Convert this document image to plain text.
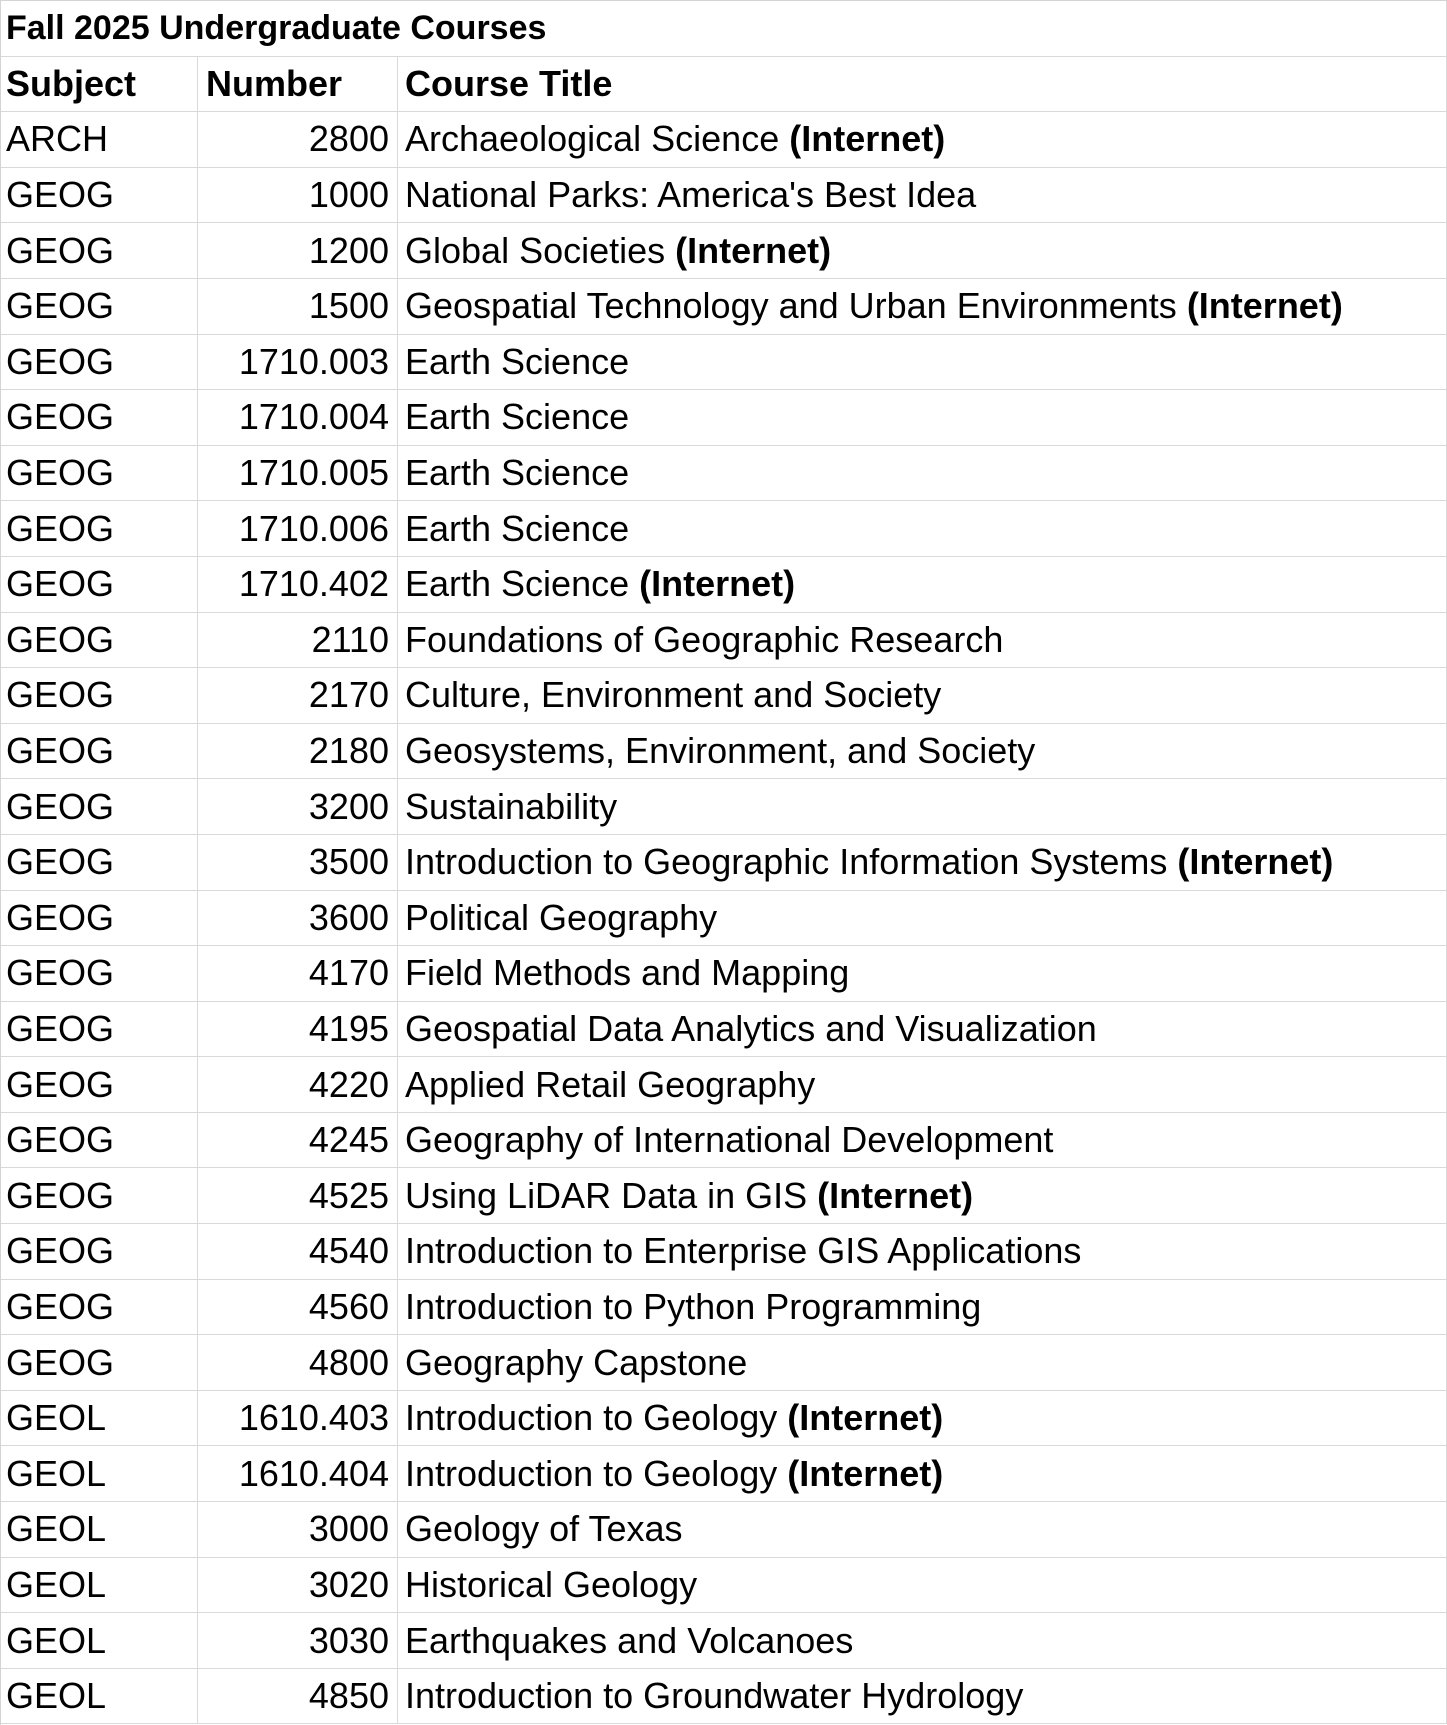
Fall 2025 Undergraduate Courses
Subject	Number	Course Title
ARCH	2800 Archaeological Science (Internet)
GEOG	1000 National Parks: America's Best Idea
GEOG	1200 Global Societies (Internet)
GEOG	1500 Geospatial Technology and Urban Environments (Internet)
GEOG	1710.003 Earth Science
GEOG	1710.004 Earth Science
GEOG	1710.005 Earth Science
GEOG	1710.006 Earth Science
GEOG	1710.402 Earth Science (Internet)
GEOG	2110 Foundations of Geographic Research
GEOG	2170 Culture, Environment and Society
GEOG	2180 Geosystems, Environment, and Society
GEOG	3200 Sustainability
GEOG	3500 Introduction to Geographic Information Systems (Internet)
GEOG	3600 Political Geography
GEOG	4170 Field Methods and Mapping
GEOG	4195 Geospatial Data Analytics and Visualization
GEOG	4220 Applied Retail Geography
GEOG	4245 Geography of International Development
GEOG	4525 Using LiDAR Data in GIS (Internet)
GEOG	4540 Introduction to Enterprise GIS Applications
GEOG	4560 Introduction to Python Programming
GEOG	4800 Geography Capstone
GEOL	1610.403 Introduction to Geology (Internet)
GEOL	1610.404 Introduction to Geology (Internet)
GEOL	3000 Geology of Texas
GEOL	3020 Historical Geology
GEOL	3030 Earthquakes and Volcanoes
GEOL	4850 Introduction to Groundwater Hydrology
